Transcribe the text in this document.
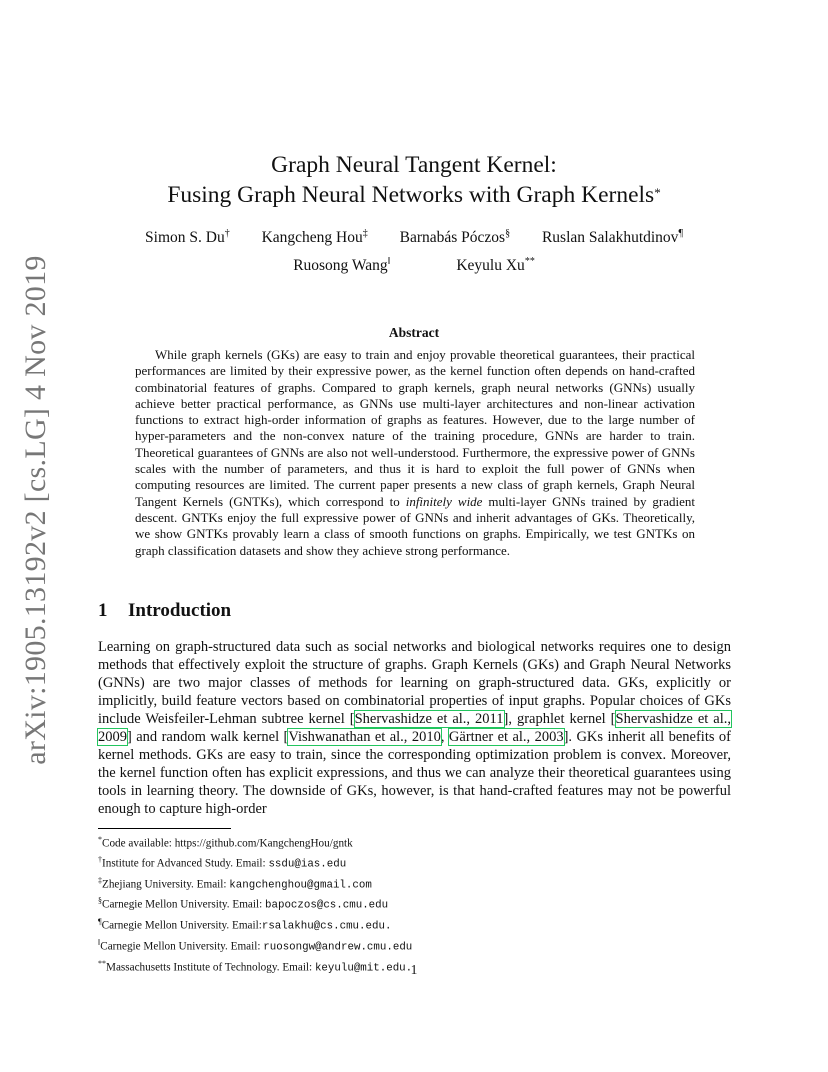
arXiv:1905.13192v2 [cs.LG] 4 Nov 2019
Graph Neural Tangent Kernel:
Fusing Graph Neural Networks with Graph Kernels*
Simon S. Du† Kangcheng Hou‡ Barnabás Póczos§ Ruslan Salakhutdinov¶
Ruosong Wang‖	Keyulu Xu**
Abstract

While graph kernels (GKs) are easy to train and enjoy provable theoretical guarantees, their practical performances are limited by their expressive power, as the kernel function often depends on hand-crafted combinatorial features of graphs. Compared to graph kernels, graph neural networks (GNNs) usually achieve better practical performance, as GNNs use multi-layer architectures and non-linear activation functions to extract high-order information of graphs as features. However, due to the large number of hyper-parameters and the non-convex nature of the training procedure, GNNs are harder to train. Theoretical guarantees of GNNs are also not well-understood. Furthermore, the expressive power of GNNs scales with the number of parameters, and thus it is hard to exploit the full power of GNNs when computing resources are limited. The current paper presents a new class of graph kernels, Graph Neural Tangent Kernels (GNTKs), which correspond to infinitely wide multi-layer GNNs trained by gradient descent. GNTKs enjoy the full expressive power of GNNs and inherit advantages of GKs. Theoretically, we show GNTKs provably learn a class of smooth functions on graphs. Empirically, we test GNTKs on graph classification datasets and show they achieve strong performance.

1 Introduction

Learning on graph-structured data such as social networks and biological networks requires one to design methods that effectively exploit the structure of graphs. Graph Kernels (GKs) and Graph Neural Networks (GNNs) are two major classes of methods for learning on graph-structured data. GKs, explicitly or implicitly, build feature vectors based on combinatorial properties of input graphs. Popular choices of GKs include Weisfeiler-Lehman subtree kernel [Shervashidze et al., 2011], graphlet kernel [Shervashidze et al., 2009] and random walk kernel [Vishwanathan et al., 2010, Gärtner et al., 2003]. GKs inherit all benefits of kernel methods. GKs are easy to train, since the corresponding optimization problem is convex. Moreover, the kernel function often has explicit expressions, and thus we can analyze their theoretical guarantees using tools in learning theory. The downside of GKs, however, is that hand-crafted features may not be powerful enough to capture high-order

*Code available: https://github.com/KangchengHou/gntk
†Institute for Advanced Study. Email: ssdu@ias.edu
‡Zhejiang University. Email: kangchenghou@gmail.com
§Carnegie Mellon University. Email: bapoczos@cs.cmu.edu
¶Carnegie Mellon University. Email:rsalakhu@cs.cmu.edu.
‖Carnegie Mellon University. Email: ruosongw@andrew.cmu.edu
**Massachusetts Institute of Technology. Email: keyulu@mit.edu.
1
